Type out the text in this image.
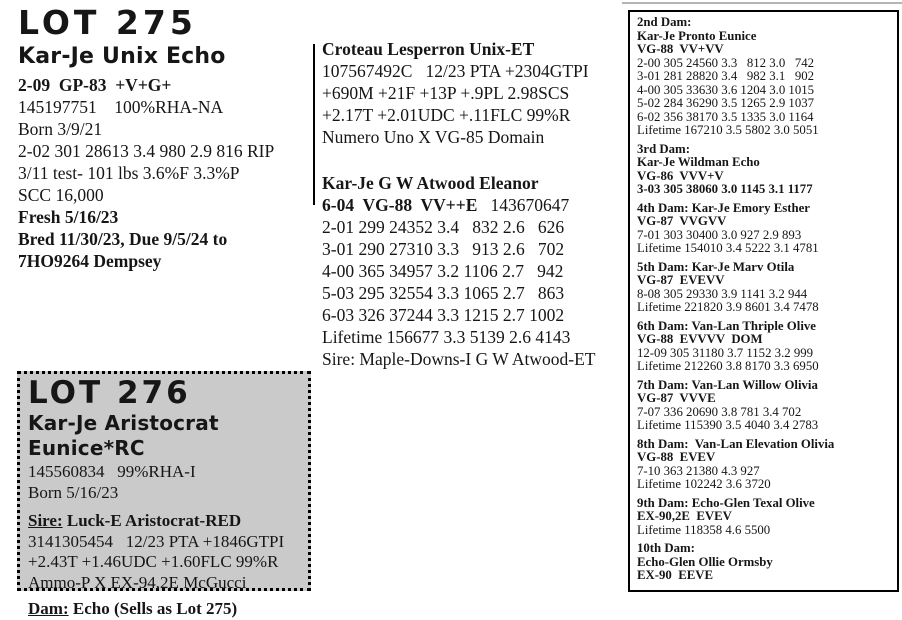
LOT 275
Kar-Je Unix Echo
2-09  GP-83  +V+G+
145197751    100%RHA-NA
Born 3/9/21
2-02 301 28613 3.4 980 2.9 816 RIP
3/11 test- 101 lbs 3.6%F 3.3%P
SCC 16,000
Fresh 5/16/23
Bred 11/30/23, Due 9/5/24 to
7HO9264 Dempsey
Croteau Lesperron Unix-ET
107567492C   12/23 PTA +2304GTPI
+690M +21F +13P +.9PL 2.98SCS
+2.17T +2.01UDC +.11FLC 99%R
Numero Uno X VG-85 Domain
Kar-Je G W Atwood Eleanor
6-04  VG-88  VV++E   143670647
2-01 299 24352 3.4   832 2.6   626
3-01 290 27310 3.3   913 2.6   702
4-00 365 34957 3.2 1106 2.7   942
5-03 295 32554 3.3 1065 2.7   863
6-03 326 37244 3.3 1215 2.7 1002
Lifetime 156677 3.3 5139 2.6 4143
Sire: Maple-Downs-I G W Atwood-ET
LOT 276
Kar-Je Aristocrat Eunice*RC
145560834   99%RHA-I
Born 5/16/23
Sire: Luck-E Aristocrat-RED
3141305454   12/23 PTA +1846GTPI
+2.43T +1.46UDC +1.60FLC 99%R
Ammo-P X EX-94,2E McGucci
Dam: Echo (Sells as Lot 275)
2nd Dam:
Kar-Je Pronto Eunice
VG-88  VV+VV
2-00 305 24560 3.3   812 3.0   742
3-01 281 28820 3.4   982 3.1   902
4-00 305 33630 3.6 1204 3.0 1015
5-02 284 36290 3.5 1265 2.9 1037
6-02 356 38170 3.5 1335 3.0 1164
Lifetime 167210 3.5 5802 3.0 5051
3rd Dam:
Kar-Je Wildman Echo
VG-86  VVV+V
3-03 305 38060 3.0 1145 3.1 1177
4th Dam: Kar-Je Emory Esther
VG-87  VVGVV
7-01 303 30400 3.0 927 2.9 893
Lifetime 154010 3.4 5222 3.1 4781
5th Dam: Kar-Je Marv Otila
VG-87  EVEVV
8-08 305 29330 3.9 1141 3.2 944
Lifetime 221820 3.9 8601 3.4 7478
6th Dam: Van-Lan Thriple Olive
VG-88  EVVVV  DOM
12-09 305 31180 3.7 1152 3.2 999
Lifetime 212260 3.8 8170 3.3 6950
7th Dam: Van-Lan Willow Olivia
VG-87  VVVE
7-07 336 20690 3.8 781 3.4 702
Lifetime 115390 3.5 4040 3.4 2783
8th Dam:  Van-Lan Elevation Olivia
VG-88  EVEV
7-10 363 21380 4.3 927
Lifetime 102242 3.6 3720
9th Dam: Echo-Glen Texal Olive
EX-90,2E  EVEV
Lifetime 118358 4.6 5500
10th Dam:
Echo-Glen Ollie Ormsby
EX-90  EEVE
